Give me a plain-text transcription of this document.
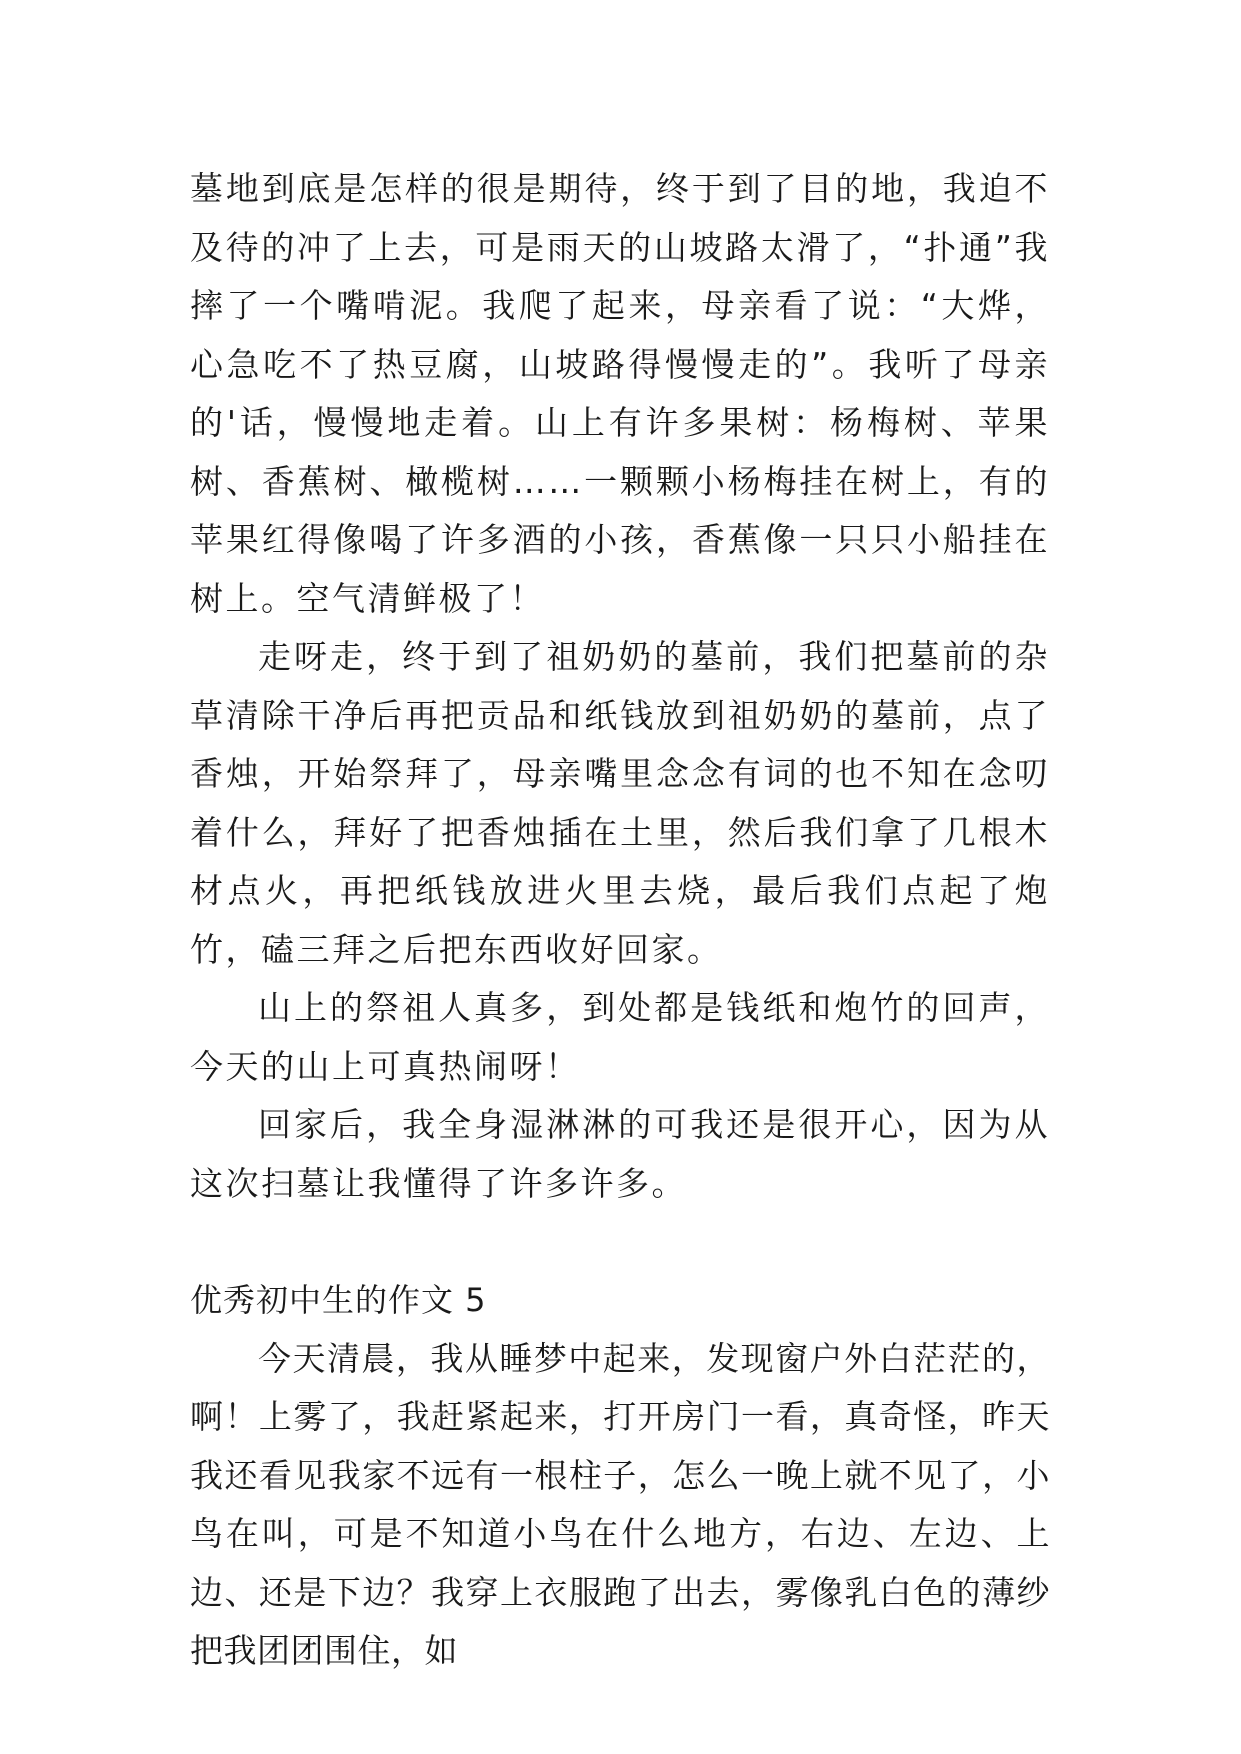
墓地到底是怎样的很是期待，终于到了目的地，我迫不及待的冲了上去，可是雨天的山坡路太滑了，“扑通”我摔了一个嘴啃泥。我爬了起来，母亲看了说：“大烨，心急吃不了热豆腐，山坡路得慢慢走的”。我听了母亲的'话，慢慢地走着。山上有许多果树：杨梅树、苹果树、香蕉树、橄榄树……一颗颗小杨梅挂在树上，有的苹果红得像喝了许多酒的小孩，香蕉像一只只小船挂在树上。空气清鲜极了！

走呀走，终于到了祖奶奶的墓前，我们把墓前的杂草清除干净后再把贡品和纸钱放到祖奶奶的墓前，点了香烛，开始祭拜了，母亲嘴里念念有词的也不知在念叨着什么，拜好了把香烛插在土里，然后我们拿了几根木材点火，再把纸钱放进火里去烧，最后我们点起了炮竹，磕三拜之后把东西收好回家。

山上的祭祖人真多，到处都是钱纸和炮竹的回声，今天的山上可真热闹呀！

回家后，我全身湿淋淋的可我还是很开心，因为从这次扫墓让我懂得了许多许多。

优秀初中生的作文 5

今天清晨，我从睡梦中起来，发现窗户外白茫茫的，啊！上雾了，我赶紧起来，打开房门一看，真奇怪，昨天我还看见我家不远有一根柱子，怎么一晚上就不见了，小鸟在叫，可是不知道小鸟在什么地方，右边、左边、上边、还是下边？我穿上衣服跑了出去，雾像乳白色的薄纱把我团团围住，如
